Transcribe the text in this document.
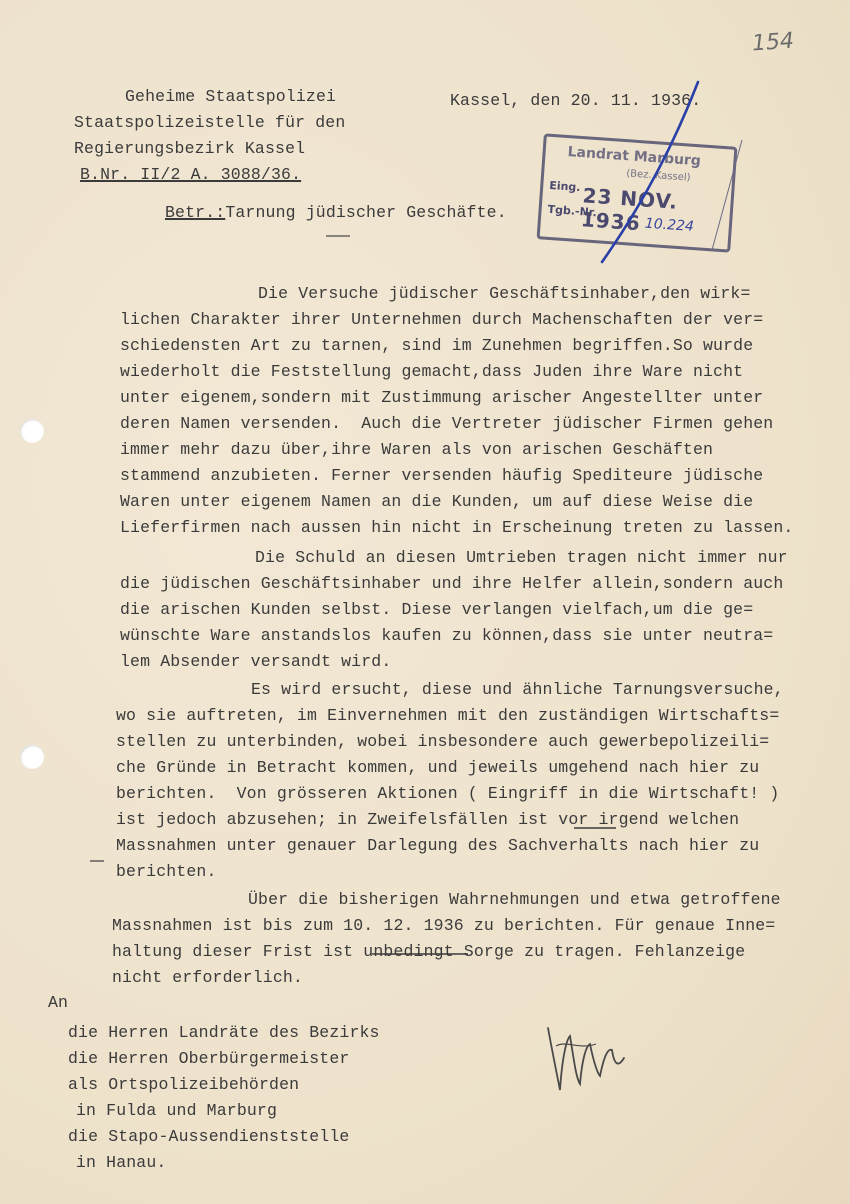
154
Geheime Staatspolizei
Staatspolizeistelle für den
Regierungsbezirk Kassel
B.Nr. II/2 A. 3088/36.
Kassel, den 20. 11. 1936.
Landrat Marburg
(Bez. Kassel)
Eing. 23 NOV. 1936
Tgb.-Nr.
10.224
Betr.:Tarnung jüdischer Geschäfte.
Die Versuche jüdischer Geschäftsinhaber,den wirk=
lichen Charakter ihrer Unternehmen durch Machenschaften der ver=
schiedensten Art zu tarnen, sind im Zunehmen begriffen.So wurde
wiederholt die Feststellung gemacht,dass Juden ihre Ware nicht
unter eigenem,sondern mit Zustimmung arischer Angestellter unter
deren Namen versenden.  Auch die Vertreter jüdischer Firmen gehen
immer mehr dazu über,ihre Waren als von arischen Geschäften
stammend anzubieten. Ferner versenden häufig Spediteure jüdische
Waren unter eigenem Namen an die Kunden, um auf diese Weise die
Lieferfirmen nach aussen hin nicht in Erscheinung treten zu lassen.
Die Schuld an diesen Umtrieben tragen nicht immer nur
die jüdischen Geschäftsinhaber und ihre Helfer allein,sondern auch
die arischen Kunden selbst. Diese verlangen vielfach,um die ge=
wünschte Ware anstandslos kaufen zu können,dass sie unter neutra=
lem Absender versandt wird.
Es wird ersucht, diese und ähnliche Tarnungsversuche,
wo sie auftreten, im Einvernehmen mit den zuständigen Wirtschafts=
stellen zu unterbinden, wobei insbesondere auch gewerbepolizeili=
che Gründe in Betracht kommen, und jeweils umgehend nach hier zu
berichten.  Von grösseren Aktionen ( Eingriff in die Wirtschaft! )
ist jedoch abzusehen; in Zweifelsfällen ist vor irgend welchen
Massnahmen unter genauer Darlegung des Sachverhalts nach hier zu
berichten.
Über die bisherigen Wahrnehmungen und etwa getroffene
Massnahmen ist bis zum 10. 12. 1936 zu berichten. Für genaue Inne=
haltung dieser Frist ist unbedingt Sorge zu tragen. Fehlanzeige
nicht erforderlich.
An
die Herren Landräte des Bezirks
die Herren Oberbürgermeister
als Ortspolizeibehörden
in Fulda und Marburg
die Stapo-Aussendienststelle
in Hanau.
